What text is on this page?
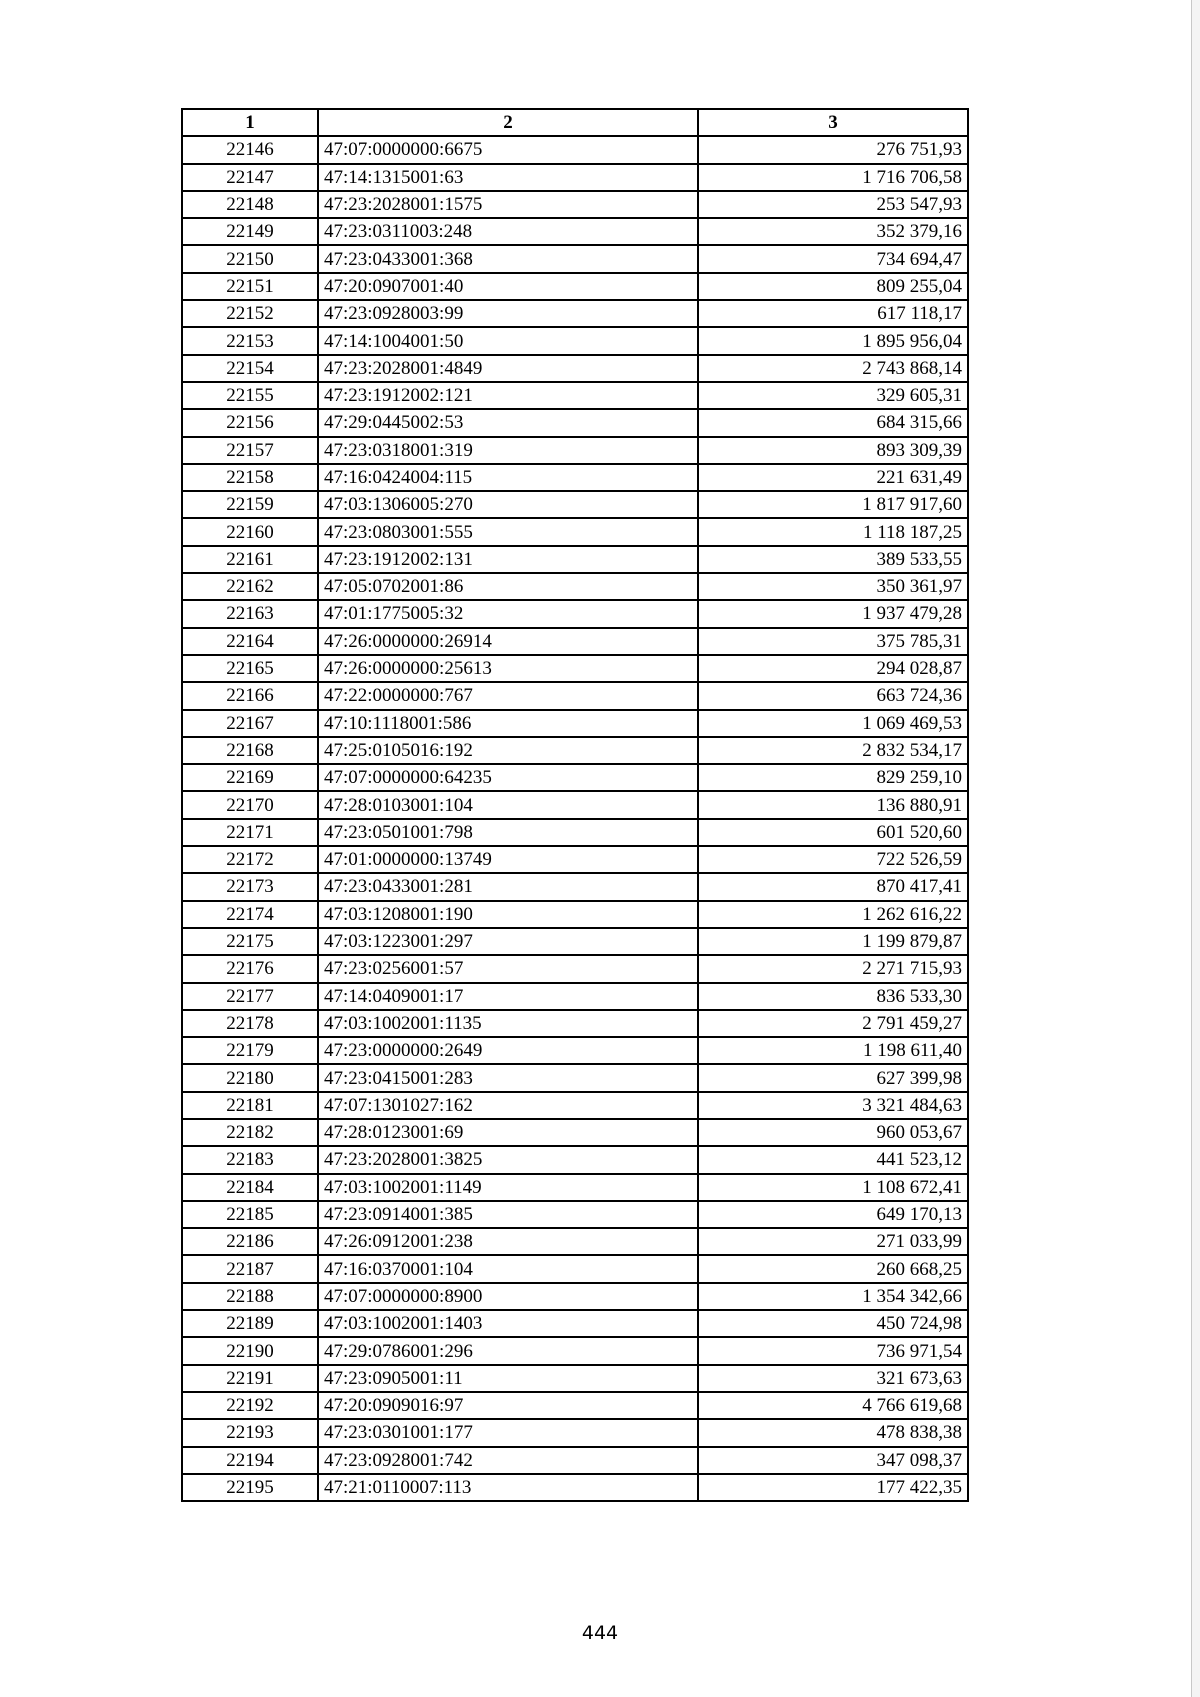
1	2	3
22146	47:07:0000000:6675	276 751,93
22147	47:14:1315001:63	1 716 706,58
22148	47:23:2028001:1575	253 547,93
22149	47:23:0311003:248	352 379,16
22150	47:23:0433001:368	734 694,47
22151	47:20:0907001:40	809 255,04
22152	47:23:0928003:99	617 118,17
22153	47:14:1004001:50	1 895 956,04
22154	47:23:2028001:4849	2 743 868,14
22155	47:23:1912002:121	329 605,31
22156	47:29:0445002:53	684 315,66
22157	47:23:0318001:319	893 309,39
22158	47:16:0424004:115	221 631,49
22159	47:03:1306005:270	1 817 917,60
22160	47:23:0803001:555	1 118 187,25
22161	47:23:1912002:131	389 533,55
22162	47:05:0702001:86	350 361,97
22163	47:01:1775005:32	1 937 479,28
22164	47:26:0000000:26914	375 785,31
22165	47:26:0000000:25613	294 028,87
22166	47:22:0000000:767	663 724,36
22167	47:10:1118001:586	1 069 469,53
22168	47:25:0105016:192	2 832 534,17
22169	47:07:0000000:64235	829 259,10
22170	47:28:0103001:104	136 880,91
22171	47:23:0501001:798	601 520,60
22172	47:01:0000000:13749	722 526,59
22173	47:23:0433001:281	870 417,41
22174	47:03:1208001:190	1 262 616,22
22175	47:03:1223001:297	1 199 879,87
22176	47:23:0256001:57	2 271 715,93
22177	47:14:0409001:17	836 533,30
22178	47:03:1002001:1135	2 791 459,27
22179	47:23:0000000:2649	1 198 611,40
22180	47:23:0415001:283	627 399,98
22181	47:07:1301027:162	3 321 484,63
22182	47:28:0123001:69	960 053,67
22183	47:23:2028001:3825	441 523,12
22184	47:03:1002001:1149	1 108 672,41
22185	47:23:0914001:385	649 170,13
22186	47:26:0912001:238	271 033,99
22187	47:16:0370001:104	260 668,25
22188	47:07:0000000:8900	1 354 342,66
22189	47:03:1002001:1403	450 724,98
22190	47:29:0786001:296	736 971,54
22191	47:23:0905001:11	321 673,63
22192	47:20:0909016:97	4 766 619,68
22193	47:23:0301001:177	478 838,38
22194	47:23:0928001:742	347 098,37
22195	47:21:0110007:113	177 422,35
444
